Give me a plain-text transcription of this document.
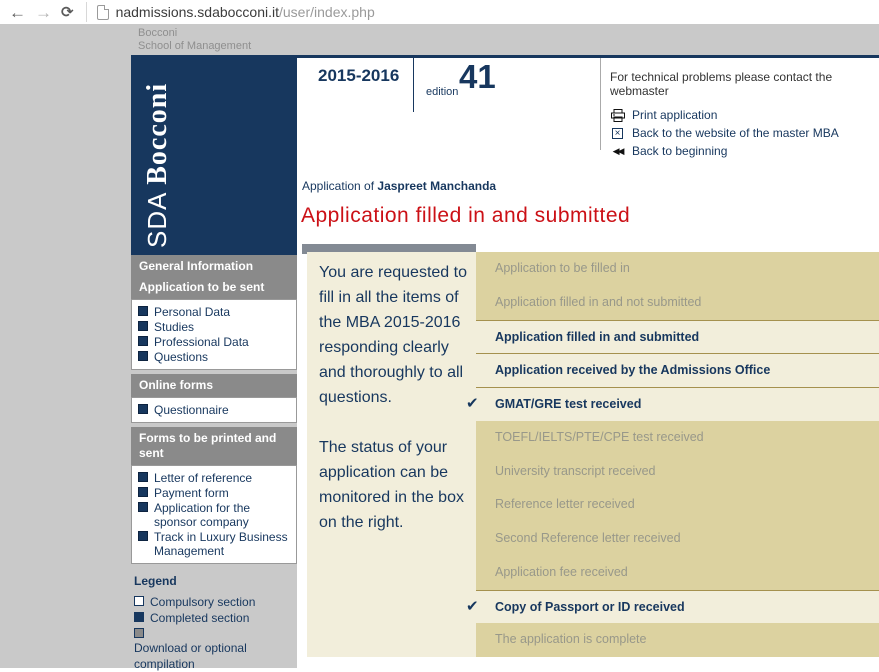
← → ⟳	nadmissions.sdabocconi.it/user/index.php
Bocconi
School of Management
SDA Bocconi
General Information
Application to be sent
Personal Data
Studies
Professional Data
Questions
Online forms
Questionnaire
Forms to be printed and sent
Letter of reference
Payment form
Application for the sponsor company
Track in Luxury Business Management
Legend
Compulsory section
Completed section
Download or optional compilation
2015-2016
edition 41	For technical problems please contact the webmaster
Print application
× Back to the website of the master MBA
◀◀ Back to beginning
Application of Jaspreet Manchanda
Application filled in and submitted

You are requested to fill in all the items of the MBA 2015-2016 responding clearly and thoroughly to all questions.

The status of your application can be monitored in the box on the right.

Application to be filled in
Application filled in and not submitted
Application filled in and submitted
Application received by the Admissions Office
✔ GMAT/GRE test received
TOEFL/IELTS/PTE/CPE test received
University transcript received
Reference letter received
Second Reference letter received
Application fee received
✔ Copy of Passport or ID received
The application is complete
